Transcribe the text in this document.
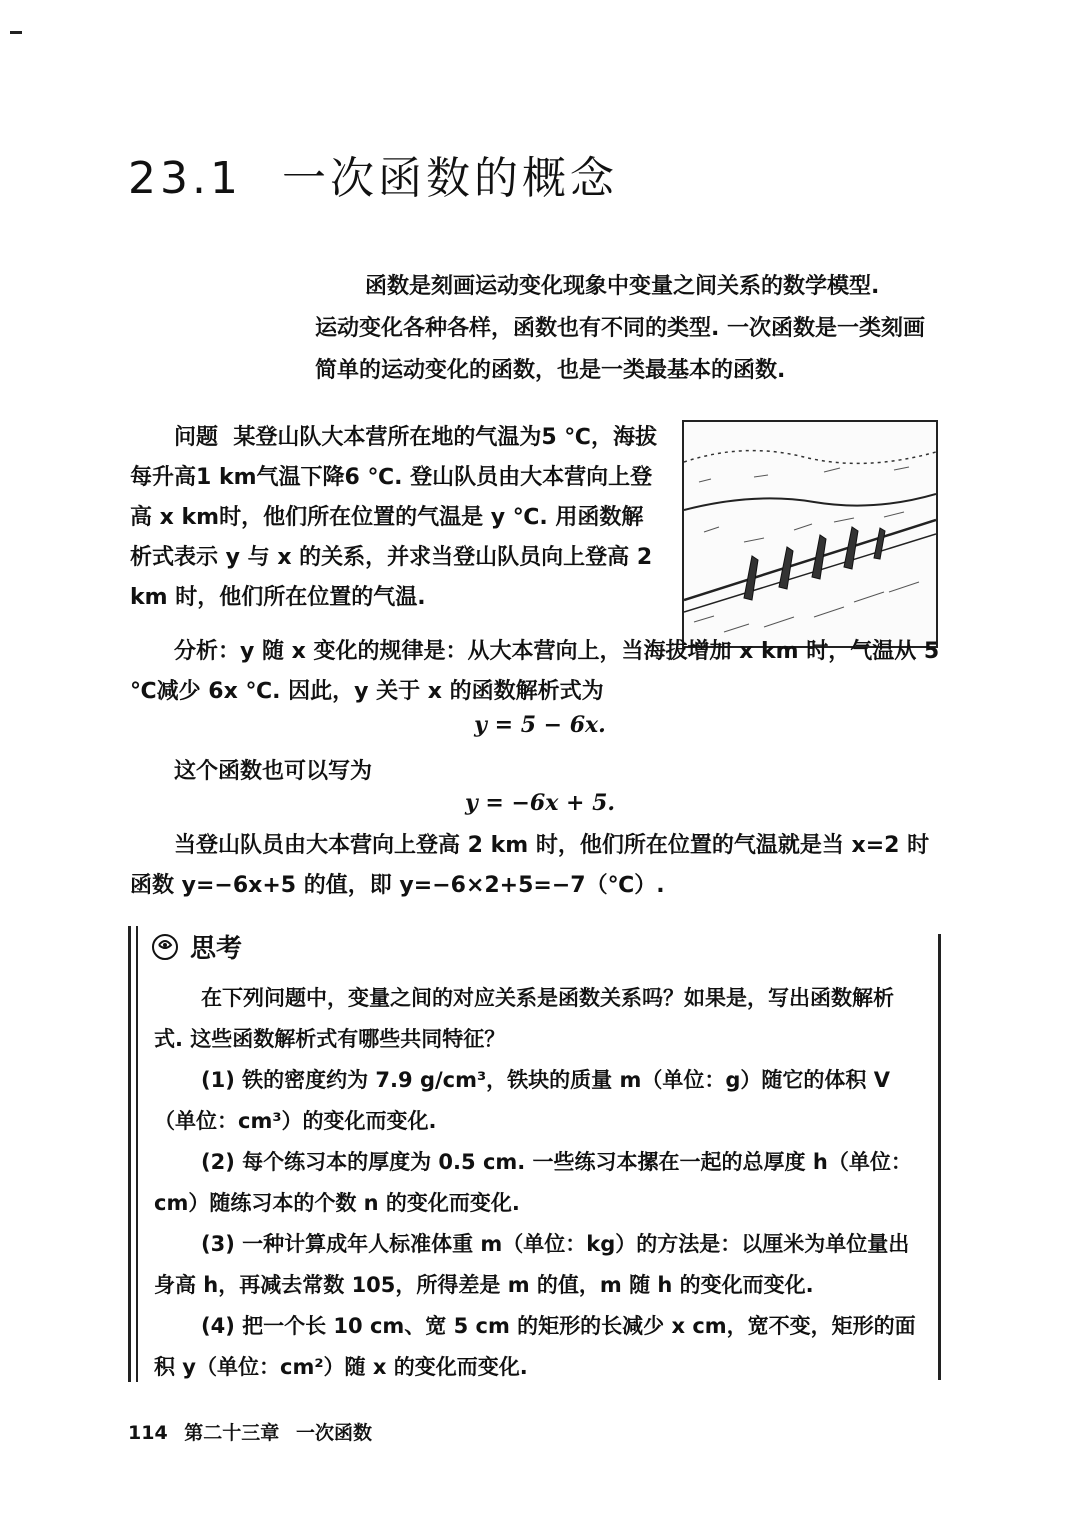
23.1 一次函数的概念
函数是刻画运动变化现象中变量之间关系的数学模型.
运动变化各种各样，函数也有不同的类型. 一次函数是一类刻画简单的运动变化的函数，也是一类最基本的函数.

问题 某登山队大本营所在地的气温为5 ℃，海拔每升高1 km气温下降6 ℃. 登山队员由大本营向上登高 x km时，他们所在位置的气温是 y ℃. 用函数解析式表示 y 与 x 的关系，并求当登山队员向上登高 2 km 时，他们所在位置的气温.

分析：y 随 x 变化的规律是：从大本营向上，当海拔增加 x km 时，气温从 5 ℃减少 6x ℃. 因此，y 关于 x 的函数解析式为

y = 5 − 6x.

这个函数也可以写为

y = −6x + 5.

当登山队员由大本营向上登高 2 km 时，他们所在位置的气温就是当 x=2 时函数 y=−6x+5 的值，即 y=−6×2+5=−7（℃）.

思考

在下列问题中，变量之间的对应关系是函数关系吗？如果是，写出函数解析式. 这些函数解析式有哪些共同特征？

(1) 铁的密度约为 7.9 g/cm³，铁块的质量 m（单位：g）随它的体积 V（单位：cm³）的变化而变化.

(2) 每个练习本的厚度为 0.5 cm. 一些练习本摞在一起的总厚度 h（单位：cm）随练习本的个数 n 的变化而变化.

(3) 一种计算成年人标准体重 m（单位：kg）的方法是：以厘米为单位量出身高 h，再减去常数 105，所得差是 m 的值，m 随 h 的变化而变化.

(4) 把一个长 10 cm、宽 5 cm 的矩形的长减少 x cm，宽不变，矩形的面积 y（单位：cm²）随 x 的变化而变化.

114 第二十三章 一次函数
